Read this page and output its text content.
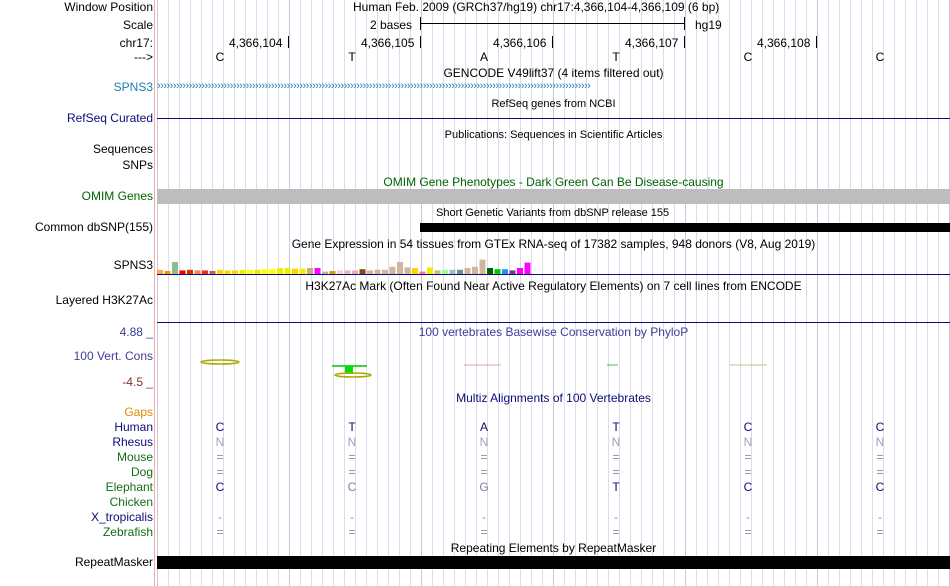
Window Position	Human Feb. 2009 (GRCh37/hg19) chr17:4,366,104-4,366,109 (6 bp)
Scale	2 bases	hg19
chr17:	4,366,104	4,366,105	4,366,106	4,366,107	4,366,108
--->	C	T	A	T	C	C
GENCODE V49lift37 (4 items filtered out)
SPNS3 ›››››››››››››››››››››››››››››››››››››››››››››››››››››››››››››››››››››››››››››››››››››››››››››››››››››››››››››››››››››››››››››››››››››››››
RefSeq genes from NCBI
RefSeq Curated
Publications: Sequences in Scientific Articles
Sequences
SNPs
OMIM Gene Phenotypes - Dark Green Can Be Disease-causing
OMIM Genes
Short Genetic Variants from dbSNP release 155
Common dbSNP(155)
Gene Expression in 54 tissues from GTEx RNA-seq of 17382 samples, 948 donors (V8, Aug 2019)
SPNS3
H3K27Ac Mark (Often Found Near Active Regulatory Elements) on 7 cell lines from ENCODE
Layered H3K27Ac
4.88 _	100 vertebrates Basewise Conservation by PhyloP
100 Vert. Cons
-4.5 _
Multiz Alignments of 100 Vertebrates
Gaps
Human	C	T	A	T	C	C
Rhesus	N	N	N	N	N	N
Mouse	=	=	=	=	=	=
Dog	=	=	=	=	=	=
Elephant	C	C	G	T	C	C
Chicken
X_tropicalis	-	-	-	-	-	-
Zebrafish	=	=	=	=	=	=
Repeating Elements by RepeatMasker
RepeatMasker
